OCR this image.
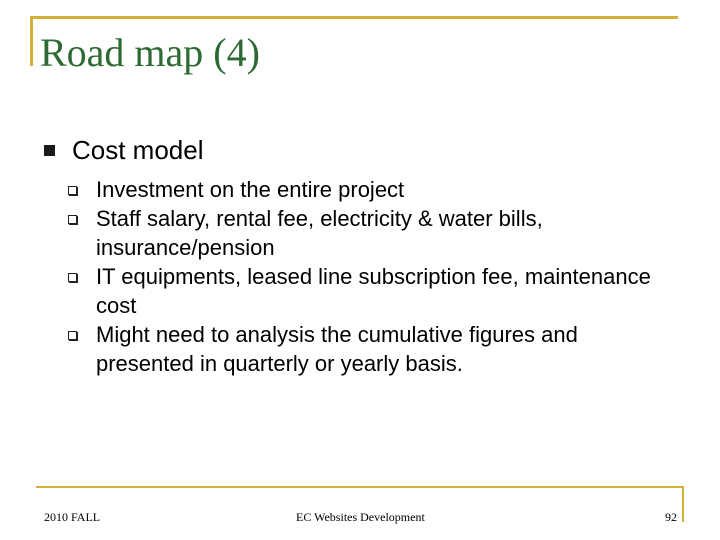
Road map (4)
Cost model
Investment on the entire project
Staff salary, rental fee, electricity & water bills, insurance/pension
IT equipments, leased line subscription fee, maintenance cost
Might need to analysis the cumulative figures and presented in quarterly or yearly basis.
2010 FALL	EC Websites Development	92
